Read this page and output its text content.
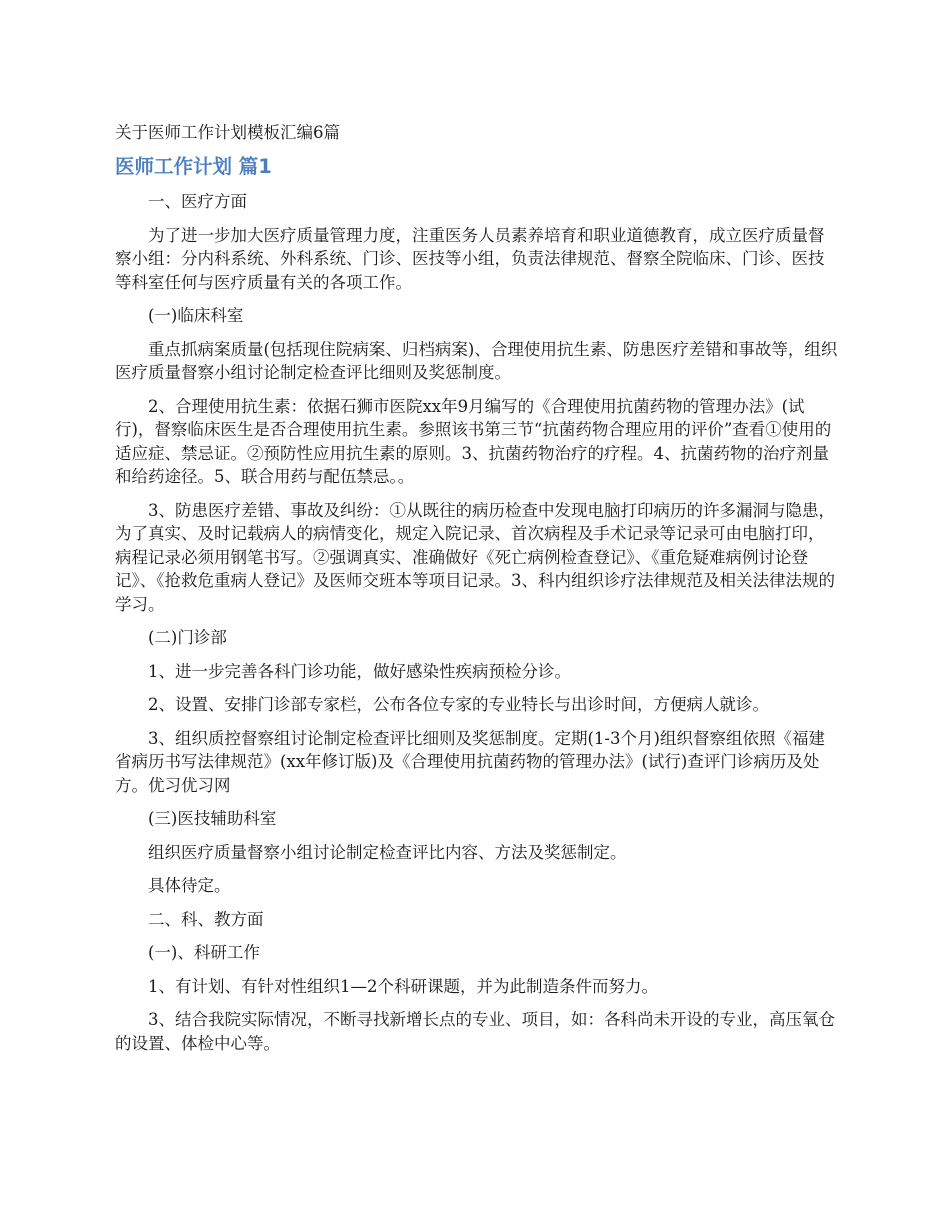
关于医师工作计划模板汇编6篇
医师工作计划 篇1

一、医疗方面

为了进一步加大医疗质量管理力度，注重医务人员素养培育和职业道德教育，成立医疗质量督察小组：分内科系统、外科系统、门诊、医技等小组，负责法律规范、督察全院临床、门诊、医技等科室任何与医疗质量有关的各项工作。

(一)临床科室

重点抓病案质量(包括现住院病案、归档病案)、合理使用抗生素、防患医疗差错和事故等，组织医疗质量督察小组讨论制定检查评比细则及奖惩制度。

2、合理使用抗生素：依据石狮市医院xx年9月编写的《合理使用抗菌药物的管理办法》(试行)，督察临床医生是否合理使用抗生素。参照该书第三节“抗菌药物合理应用的评价”查看①使用的适应症、禁忌证。②预防性应用抗生素的原则。3、抗菌药物治疗的疗程。4、抗菌药物的治疗剂量和给药途径。5、联合用药与配伍禁忌。。

3、防患医疗差错、事故及纠纷：①从既往的病历检查中发现电脑打印病历的许多漏洞与隐患，为了真实、及时记载病人的病情变化，规定入院记录、首次病程及手术记录等记录可由电脑打印，病程记录必须用钢笔书写。②强调真实、准确做好《死亡病例检查登记》、《重危疑难病例讨论登记》、《抢救危重病人登记》及医师交班本等项目记录。3、科内组织诊疗法律规范及相关法律法规的学习。

(二)门诊部

1、进一步完善各科门诊功能，做好感染性疾病预检分诊。

2、设置、安排门诊部专家栏，公布各位专家的专业特长与出诊时间，方便病人就诊。

3、组织质控督察组讨论制定检查评比细则及奖惩制度。定期(1-3个月)组织督察组依照《福建省病历书写法律规范》(xx年修订版)及《合理使用抗菌药物的管理办法》(试行)查评门诊病历及处方。优习优习网

(三)医技辅助科室

组织医疗质量督察小组讨论制定检查评比内容、方法及奖惩制定。

具体待定。

二、科、教方面

(一)、科研工作

1、有计划、有针对性组织1—2个科研课题，并为此制造条件而努力。

3、结合我院实际情况，不断寻找新增长点的专业、项目，如：各科尚未开设的专业，高压氧仓的设置、体检中心等。
